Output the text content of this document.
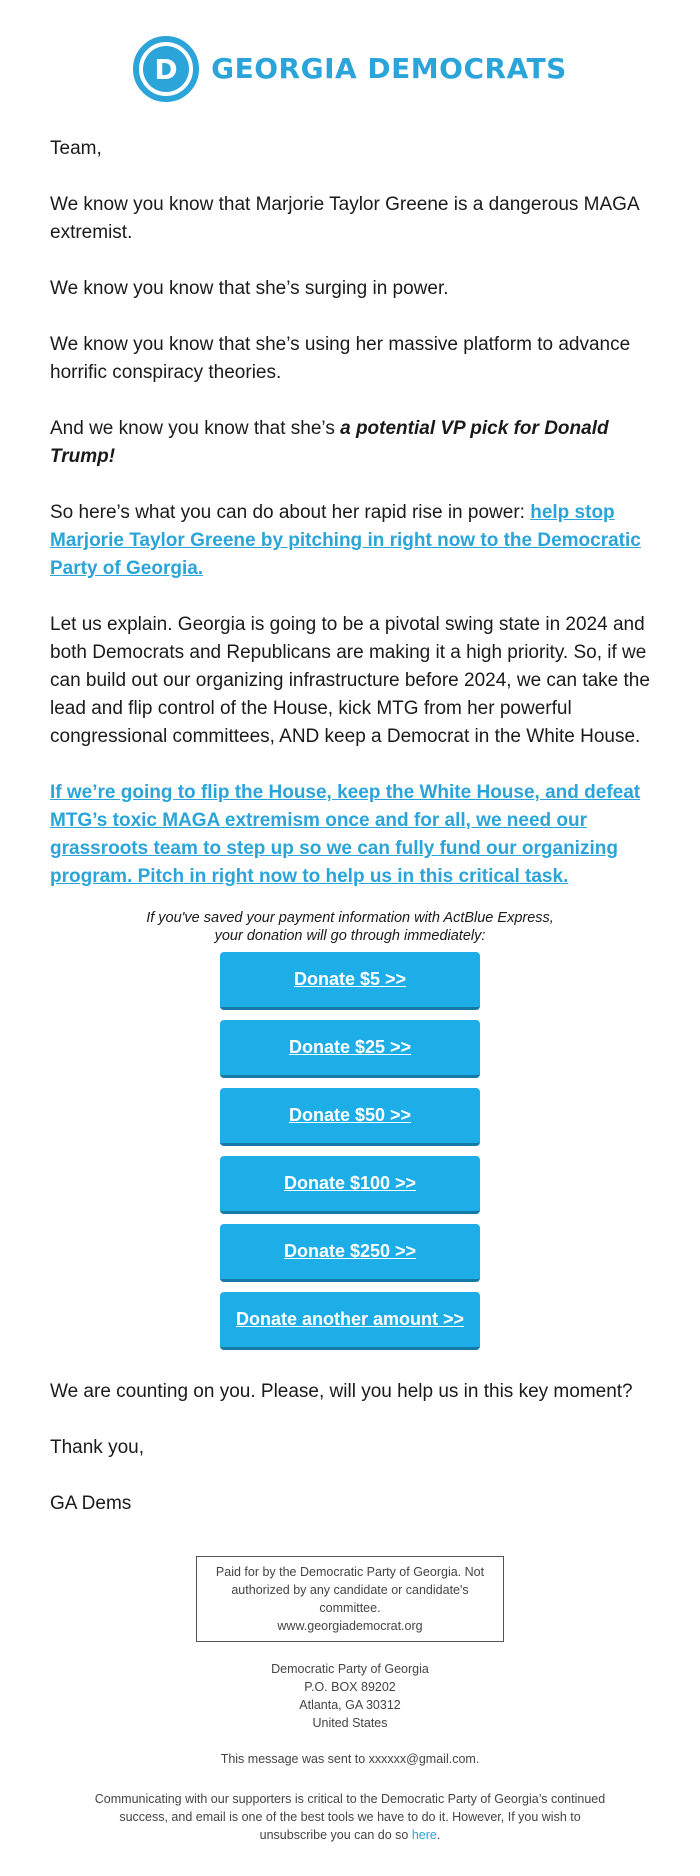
D GEORGIA DEMOCRATS

Team,

We know you know that Marjorie Taylor Greene is a dangerous MAGA extremist.

We know you know that she’s surging in power.

We know you know that she’s using her massive platform to advance horrific conspiracy theories.

And we know you know that she’s a potential VP pick for Donald Trump!

So here’s what you can do about her rapid rise in power: help stop Marjorie Taylor Greene by pitching in right now to the Democratic Party of Georgia.

Let us explain. Georgia is going to be a pivotal swing state in 2024 and both Democrats and Republicans are making it a high priority. So, if we can build out our organizing infrastructure before 2024, we can take the lead and flip control of the House, kick MTG from her powerful congressional committees, AND keep a Democrat in the White House.

If we’re going to flip the House, keep the White House, and defeat MTG’s toxic MAGA extremism once and for all, we need our grassroots team to step up so we can fully fund our organizing program. Pitch in right now to help us in this critical task.

If you've saved your payment information with ActBlue Express,
your donation will go through immediately:
Donate $5 >>
Donate $25 >>
Donate $50 >>
Donate $100 >>
Donate $250 >>
Donate another amount >>

We are counting on you. Please, will you help us in this key moment?

Thank you,

GA Dems

Paid for by the Democratic Party of Georgia. Not authorized by any candidate or candidate's committee.
www.georgiademocrat.org
Democratic Party of Georgia
P.O. BOX 89202
Atlanta, GA 30312
United States
This message was sent to xxxxxx@gmail.com.
Communicating with our supporters is critical to the Democratic Party of Georgia’s continued success, and email is one of the best tools we have to do it. However, If you wish to unsubscribe you can do so here.
